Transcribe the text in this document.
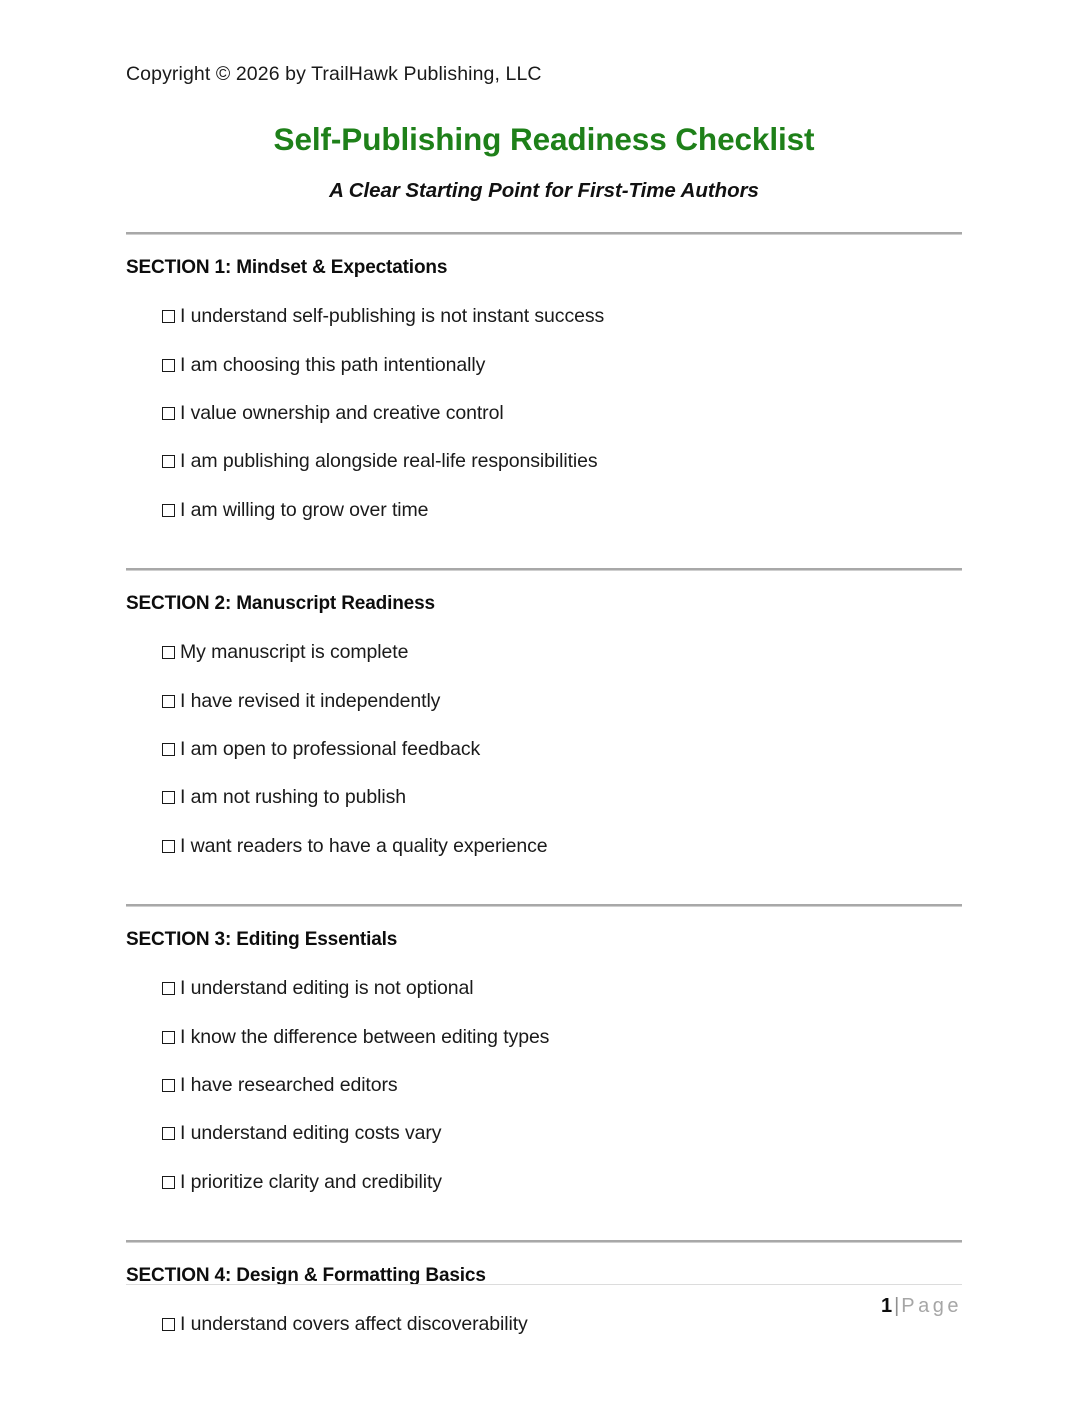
Copyright © 2026 by TrailHawk Publishing, LLC
Self-Publishing Readiness Checklist
A Clear Starting Point for First-Time Authors
SECTION 1: Mindset & Expectations
I understand self-publishing is not instant success
I am choosing this path intentionally
I value ownership and creative control
I am publishing alongside real-life responsibilities
I am willing to grow over time
SECTION 2: Manuscript Readiness
My manuscript is complete
I have revised it independently
I am open to professional feedback
I am not rushing to publish
I want readers to have a quality experience
SECTION 3: Editing Essentials
I understand editing is not optional
I know the difference between editing types
I have researched editors
I understand editing costs vary
I prioritize clarity and credibility
SECTION 4: Design & Formatting Basics
I understand covers affect discoverability
1 | Page
